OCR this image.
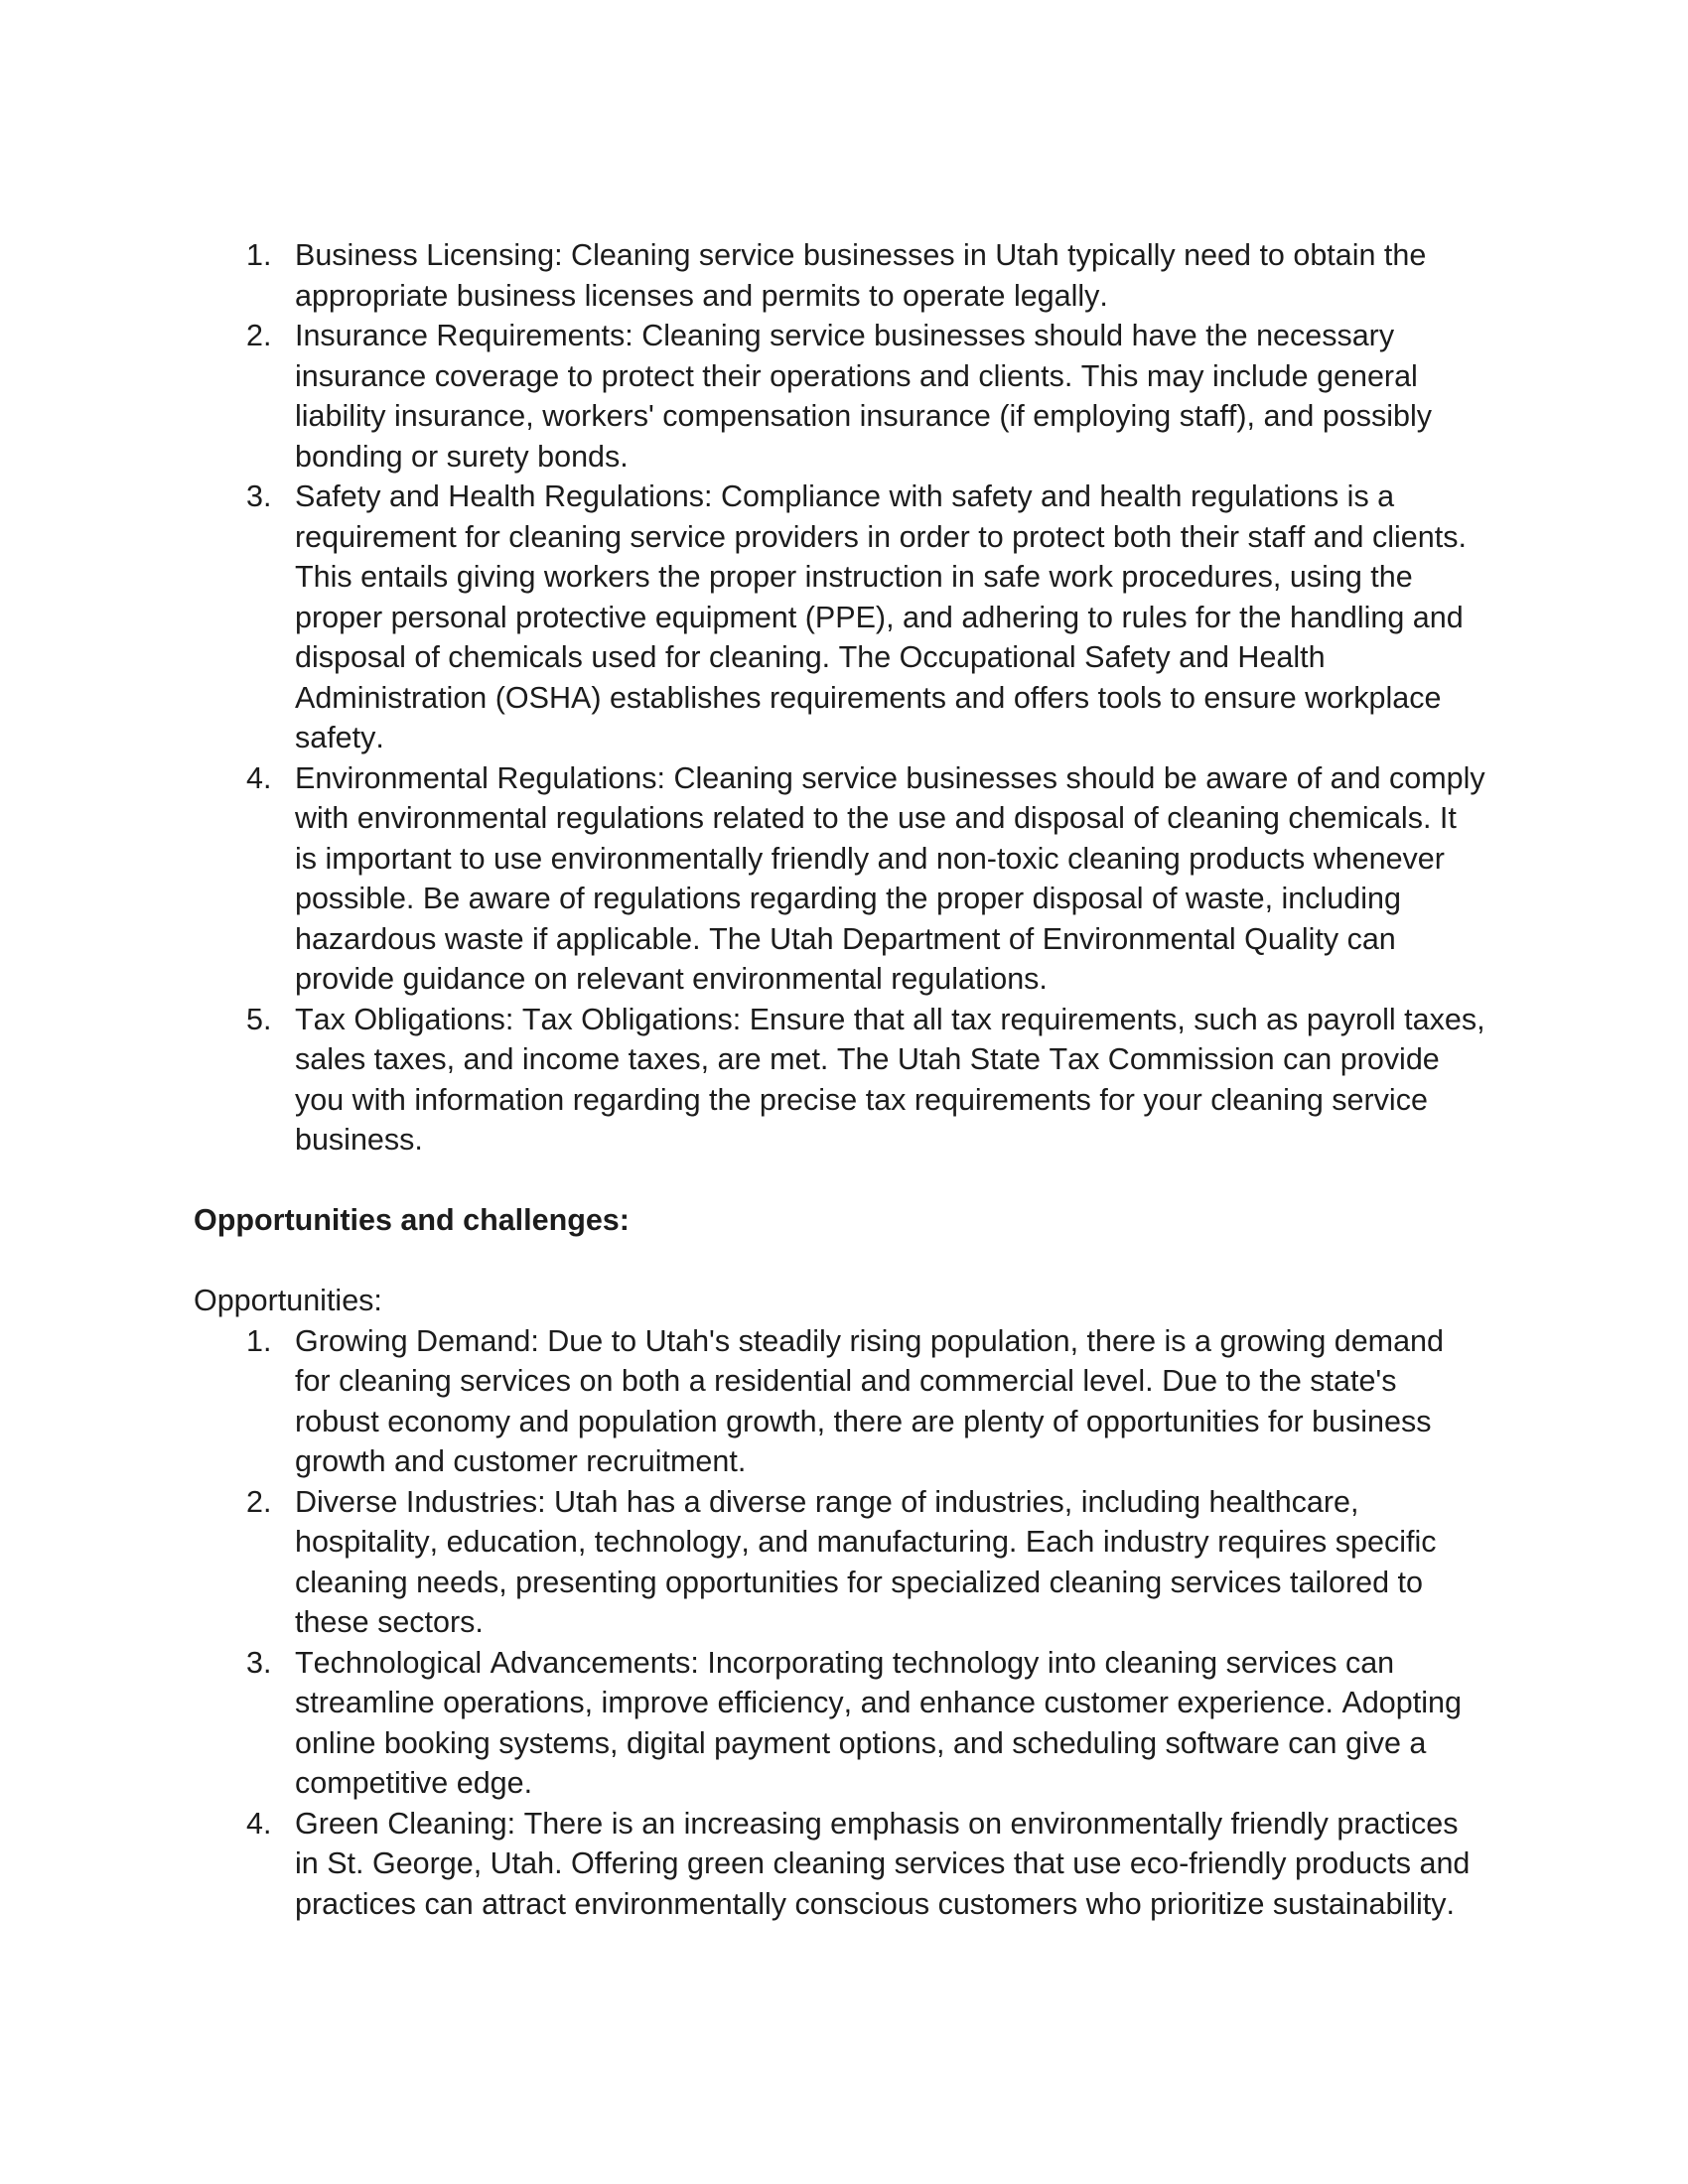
1. Business Licensing: Cleaning service businesses in Utah typically need to obtain the appropriate business licenses and permits to operate legally.
2. Insurance Requirements: Cleaning service businesses should have the necessary insurance coverage to protect their operations and clients. This may include general liability insurance, workers' compensation insurance (if employing staff), and possibly bonding or surety bonds.
3. Safety and Health Regulations: Compliance with safety and health regulations is a requirement for cleaning service providers in order to protect both their staff and clients. This entails giving workers the proper instruction in safe work procedures, using the proper personal protective equipment (PPE), and adhering to rules for the handling and disposal of chemicals used for cleaning. The Occupational Safety and Health Administration (OSHA) establishes requirements and offers tools to ensure workplace safety.
4. Environmental Regulations: Cleaning service businesses should be aware of and comply with environmental regulations related to the use and disposal of cleaning chemicals. It is important to use environmentally friendly and non-toxic cleaning products whenever possible. Be aware of regulations regarding the proper disposal of waste, including hazardous waste if applicable. The Utah Department of Environmental Quality can provide guidance on relevant environmental regulations.
5. Tax Obligations: Tax Obligations: Ensure that all tax requirements, such as payroll taxes, sales taxes, and income taxes, are met. The Utah State Tax Commission can provide you with information regarding the precise tax requirements for your cleaning service business.

Opportunities and challenges:

Opportunities:

1. Growing Demand: Due to Utah's steadily rising population, there is a growing demand for cleaning services on both a residential and commercial level. Due to the state's robust economy and population growth, there are plenty of opportunities for business growth and customer recruitment.
2. Diverse Industries: Utah has a diverse range of industries, including healthcare, hospitality, education, technology, and manufacturing. Each industry requires specific cleaning needs, presenting opportunities for specialized cleaning services tailored to these sectors.
3. Technological Advancements: Incorporating technology into cleaning services can streamline operations, improve efficiency, and enhance customer experience. Adopting online booking systems, digital payment options, and scheduling software can give a competitive edge.
4. Green Cleaning: There is an increasing emphasis on environmentally friendly practices in St. George, Utah. Offering green cleaning services that use eco-friendly products and practices can attract environmentally conscious customers who prioritize sustainability.
